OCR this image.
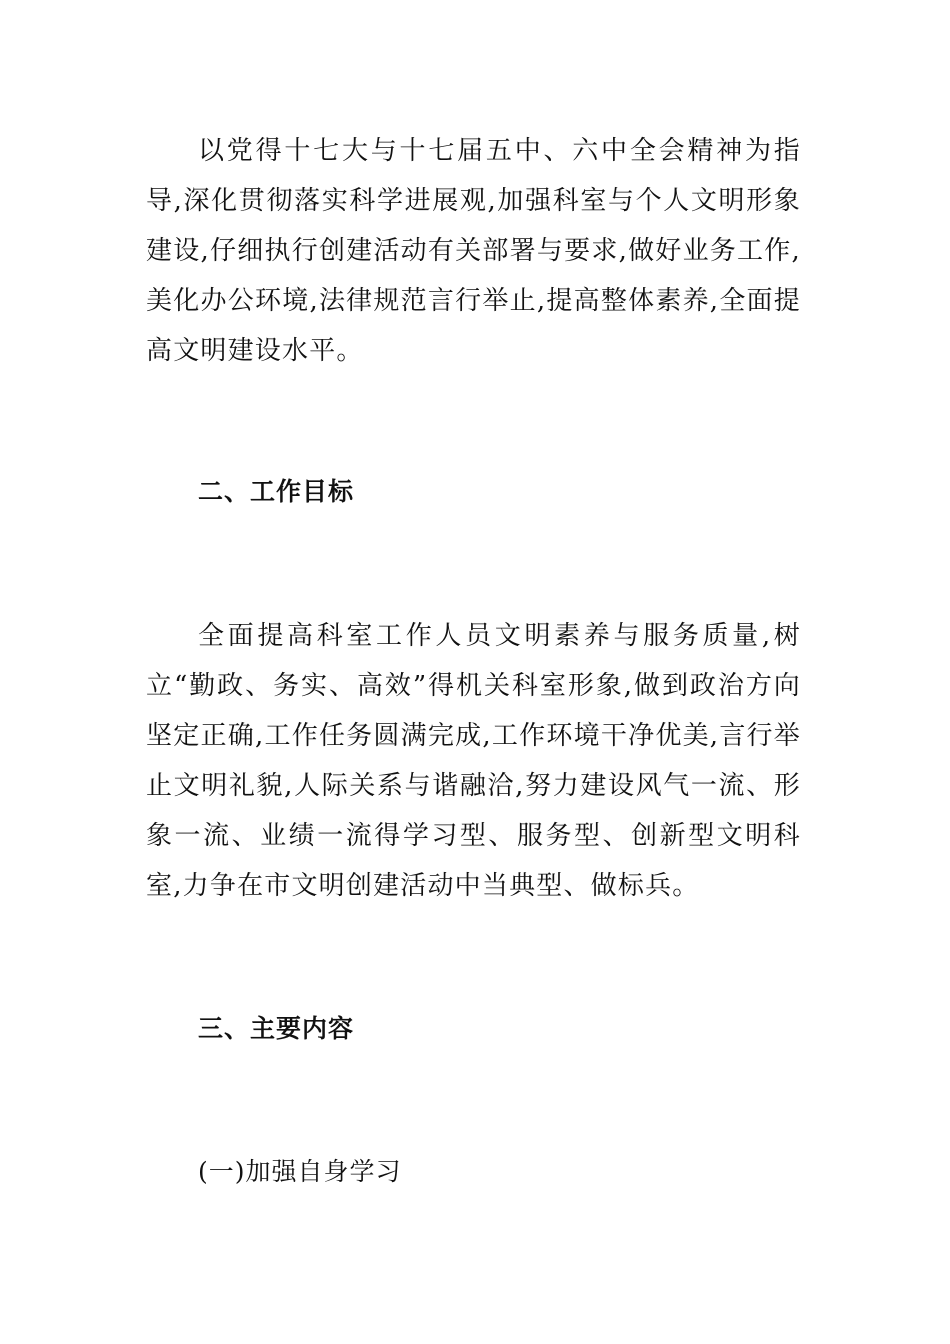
以党得十七大与十七届五中、六中全会精神为指导,深化贯彻落实科学进展观,加强科室与个人文明形象建设,仔细执行创建活动有关部署与要求,做好业务工作,美化办公环境,法律规范言行举止,提高整体素养,全面提高文明建设水平。

二、工作目标

全面提高科室工作人员文明素养与服务质量,树立“勤政、务实、高效”得机关科室形象,做到政治方向坚定正确,工作任务圆满完成,工作环境干净优美,言行举止文明礼貌,人际关系与谐融洽,努力建设风气一流、形象一流、业绩一流得学习型、服务型、创新型文明科室,力争在市文明创建活动中当典型、做标兵。

三、主要内容
(一)加强自身学习
